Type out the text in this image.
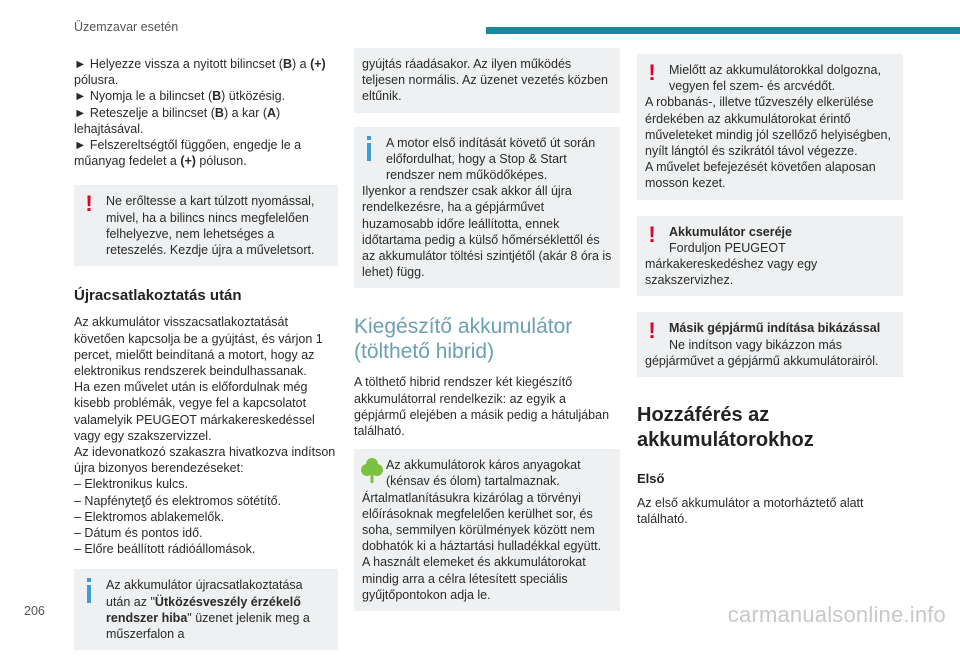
Üzemzavar esetén

► Helyezze vissza a nyitott bilincset (B) a (+) pólusra.

► Nyomja le a bilincset (B) ütközésig.

► Reteszelje a bilincset (B) a kar (A) lehajtásával.

► Felszereltségtől függően, engedje le a műanyag fedelet a (+) póluson.

!	Ne erőltesse a kart túlzott nyomással, mivel, ha a bilincs nincs megfelelően felhelyezve, nem lehetséges a reteszelés. Kezdje újra a műveletsort.

Újracsatlakoztatás után

Az akkumulátor visszacsatlakoztatását követően kapcsolja be a gyújtást, és várjon 1 percet, mielőtt beindítaná a motort, hogy az elektronikus rendszerek beindulhassanak.

Ha ezen művelet után is előfordulnak még kisebb problémák, vegye fel a kapcsolatot valamelyik PEUGEOT márkakereskedéssel vagy egy szakszervizzel.

Az idevonatkozó szakaszra hivatkozva indítson újra bizonyos berendezéseket:

– Elektronikus kulcs.

– Napfényteţő és elektromos sötétítő.

– Elektromos ablakemelők.

– Dátum és pontos idő.

– Előre beállított rádióállomások.

Az akkumulátor újracsatlakoztatása után az "Ütközésveszély érzékelő rendszer hiba" üzenet jelenik meg a műszerfalon a

gyújtás ráadásakor. Az ilyen működés teljesen normális. Az üzenet vezetés közben eltűnik.

A motor első indítását követő út során előfordulhat, hogy a Stop & Start rendszer nem működőképes.

Ilyenkor a rendszer csak akkor áll újra rendelkezésre, ha a gépjárművet huzamosabb időre leállította, ennek időtartama pedig a külső hőmérséklettől és az akkumulátor töltési szintjétől (akár 8 óra is lehet) függ.

Kiegészítő akkumulátor (tölthető hibrid)

A tölthető hibrid rendszer két kiegészítő akkumulátorral rendelkezik: az egyik a gépjármű elejében a másik pedig a hátuljában található.

Az akkumulátorok káros anyagokat (kénsav és ólom) tartalmaznak.

Ártalmatlanításukra kizárólag a törvényi előírásoknak megfelelően kerülhet sor, és soha, semmilyen körülmények között nem dobhatók ki a háztartási hulladékkal együtt.

A használt elemeket és akkumulátorokat mindig arra a célra létesített speciális gyűjtőpontokon adja le.

!	Mielőtt az akkumulátorokkal dolgozna, vegyen fel szem- és arcvédőt.

A robbanás-, illetve tűzveszély elkerülése érdekében az akkumulátorokat érintő műveleteket mindig jól szellőző helyiségben, nyílt lángtól és szikrától távol végezze.

A művelet befejezését követően alaposan mosson kezet.

!	Akkumulátor cseréje

Forduljon PEUGEOT márkakereskedéshez vagy egy szakszervizhez.

!	Másik gépjármű indítása bikázással

Ne indítson vagy bikázzon más gépjárművet a gépjármű akkumulátorairól.

Hozzáférés az akkumulátorokhoz
Első

Az első akkumulátor a motorháztető alatt található.

206	carmanualsonline.info
